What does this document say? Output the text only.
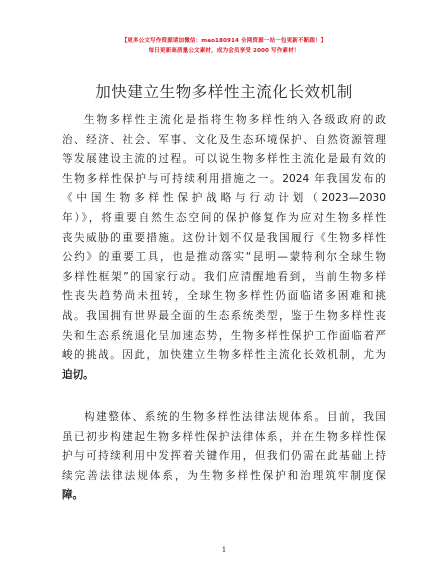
【更多公文写作资源请加微信：mao180914 全网资源一站一包更新不断跟！】
每日更新高质量公文素材，成为会员享受 2000 写作素材！
加快建立生物多样性主流化长效机制
生物多样性主流化是指将生物多样性纳入各级政府的政
治、经济、社会、军事、文化及生态环境保护、自然资源管理
等发展建设主流的过程。可以说生物多样性主流化是最有效的
生物多样性保护与可持续利用措施之一。2024 年我国发布的
《中国生物多样性保护战略与行动计划（2023—2030
年）》，将重要自然生态空间的保护修复作为应对生物多样性
丧失威胁的重要措施。这份计划不仅是我国履行《生物多样性
公约》的重要工具，也是推动落实“昆明—蒙特利尔全球生物
多样性框架”的国家行动。我们应清醒地看到，当前生物多样
性丧失趋势尚未扭转，全球生物多样性仍面临诸多困难和挑
战。我国拥有世界最全面的生态系统类型，鉴于生物多样性丧
失和生态系统退化呈加速态势，生物多样性保护工作面临着严
峻的挑战。因此，加快建立生物多样性主流化长效机制，尤为
迫切。
构建整体、系统的生物多样性法律法规体系。目前，我国
虽已初步构建起生物多样性保护法律体系，并在生物多样性保
护与可持续利用中发挥着关键作用，但我们仍需在此基础上持
续完善法律法规体系，为生物多样性保护和治理筑牢制度保
障。
1
